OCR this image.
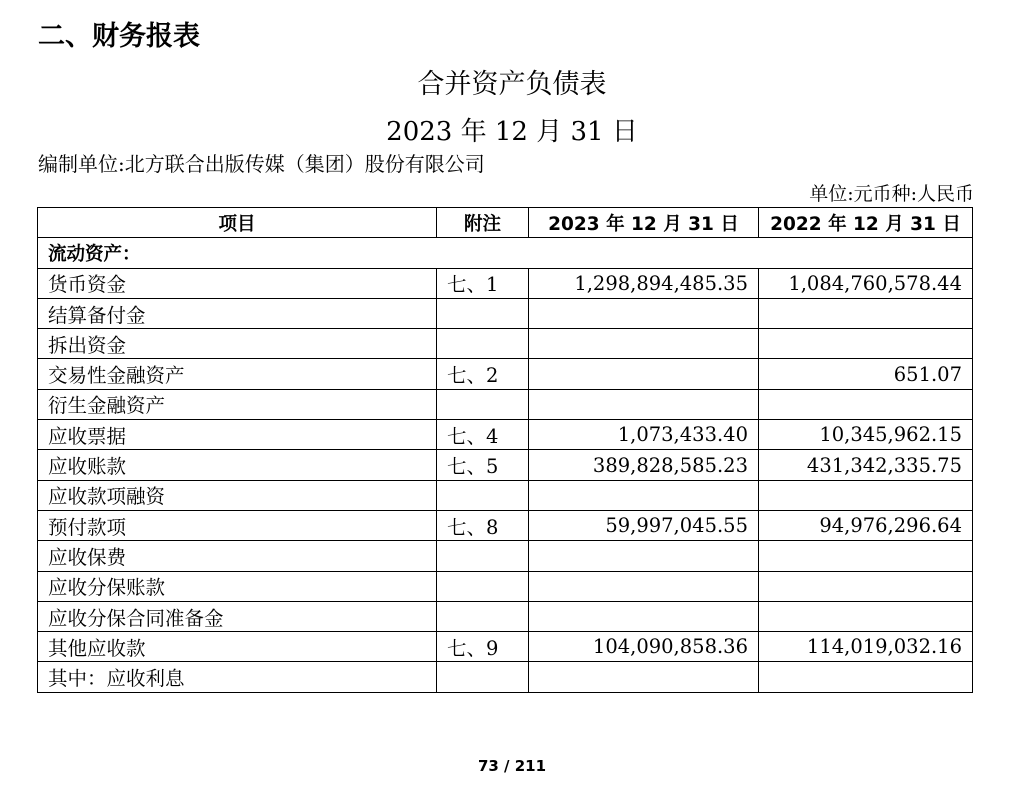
二、财务报表
合并资产负债表
2023 年 12 月 31 日
编制单位:北方联合出版传媒（集团）股份有限公司
单位:元币种:人民币
项目	附注	2023 年 12 月 31 日	2022 年 12 月 31 日
流动资产：			
货币资金	七、1	1,298,894,485.35	1,084,760,578.44
结算备付金			
拆出资金			
交易性金融资产	七、2		651.07
衍生金融资产			
应收票据	七、4	1,073,433.40	10,345,962.15
应收账款	七、5	389,828,585.23	431,342,335.75
应收款项融资			
预付款项	七、8	59,997,045.55	94,976,296.64
应收保费			
应收分保账款			
应收分保合同准备金			
其他应收款	七、9	104,090,858.36	114,019,032.16
其中：应收利息			
73 / 211
